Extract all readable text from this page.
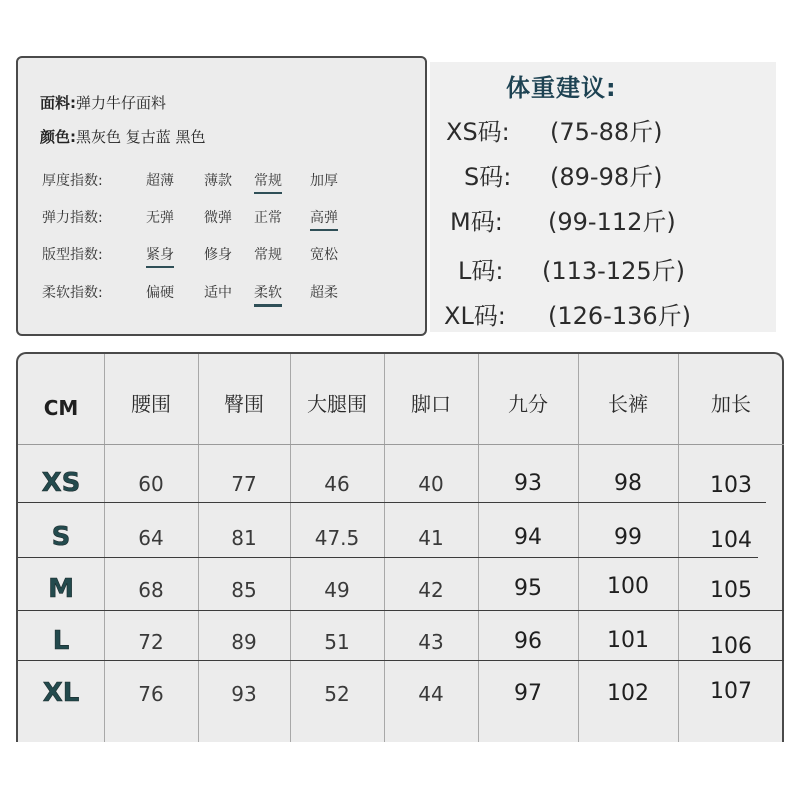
面料:弹力牛仔面料
颜色:黑灰色 复古蓝 黑色
厚度指数:	超薄 薄款 常规 加厚
弹力指数:	无弹 微弹 正常 高弹
版型指数:	紧身 修身 常规 宽松
柔软指数:	偏硬 适中 柔软 超柔
体重建议:
XS码: (75-88斤)
S码: (89-98斤)
M码: (99-112斤)
L码: (113-125斤)
XL码: (126-136斤)
CM	腰围	臀围	大腿围	脚口	九分	长裤	加长
XS	60	77	46	40	93	98	103
S	64	81	47.5	41	94	99	104
M	68	85	49	42	95	100	105
L	72	89	51	43	96	101	106
XL	76	93	52	44	97	102	107
